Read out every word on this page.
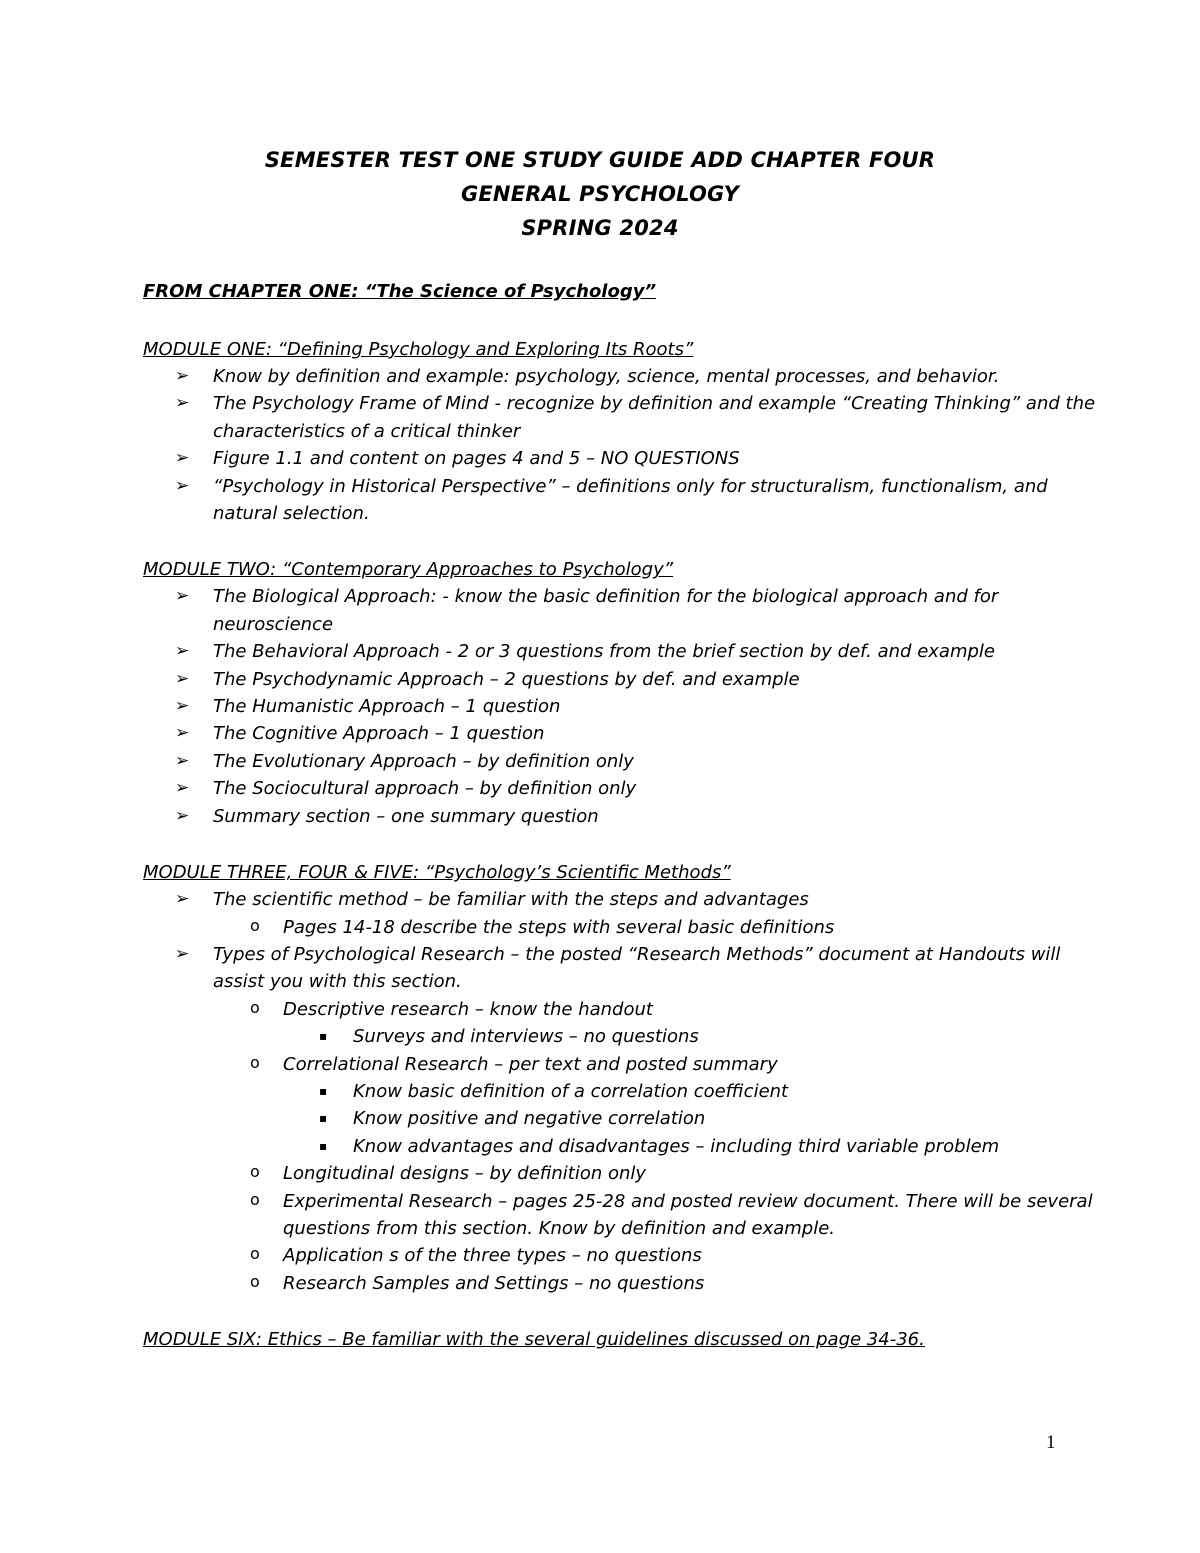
SEMESTER TEST ONE STUDY GUIDE ADD CHAPTER FOUR
GENERAL PSYCHOLOGY
SPRING 2024

FROM CHAPTER ONE: “The Science of Psychology”

MODULE ONE: “Defining Psychology and Exploring Its Roots”

➢ Know by definition and example: psychology, science, mental processes, and behavior.
➢ The Psychology Frame of Mind - recognize by definition and example “Creating Thinking” and the characteristics of a critical thinker
➢ Figure 1.1 and content on pages 4 and 5 – NO QUESTIONS
➢ “Psychology in Historical Perspective” – definitions only for structuralism, functionalism, and natural selection.

MODULE TWO: “Contemporary Approaches to Psychology”

➢ The Biological Approach: - know the basic definition for the biological approach and for neuroscience
➢ The Behavioral Approach - 2 or 3 questions from the brief section by def. and example
➢ The Psychodynamic Approach – 2 questions by def. and example
➢ The Humanistic Approach – 1 question
➢ The Cognitive Approach – 1 question
➢ The Evolutionary Approach – by definition only
➢ The Sociocultural approach – by definition only
➢ Summary section – one summary question

MODULE THREE, FOUR & FIVE: “Psychology’s Scientific Methods”

➢ The scientific method – be familiar with the steps and advantages
o Pages 14-18 describe the steps with several basic definitions
➢ Types of Psychological Research – the posted “Research Methods” document at Handouts will assist you with this section.
o Descriptive research – know the handout
▪ Surveys and interviews – no questions
o Correlational Research – per text and posted summary
▪ Know basic definition of a correlation coefficient
▪ Know positive and negative correlation
▪ Know advantages and disadvantages – including third variable problem
o Longitudinal designs – by definition only
o Experimental Research – pages 25-28 and posted review document. There will be several questions from this section. Know by definition and example.
o Application s of the three types – no questions
o Research Samples and Settings – no questions

MODULE SIX: Ethics – Be familiar with the several guidelines discussed on page 34-36.

1
